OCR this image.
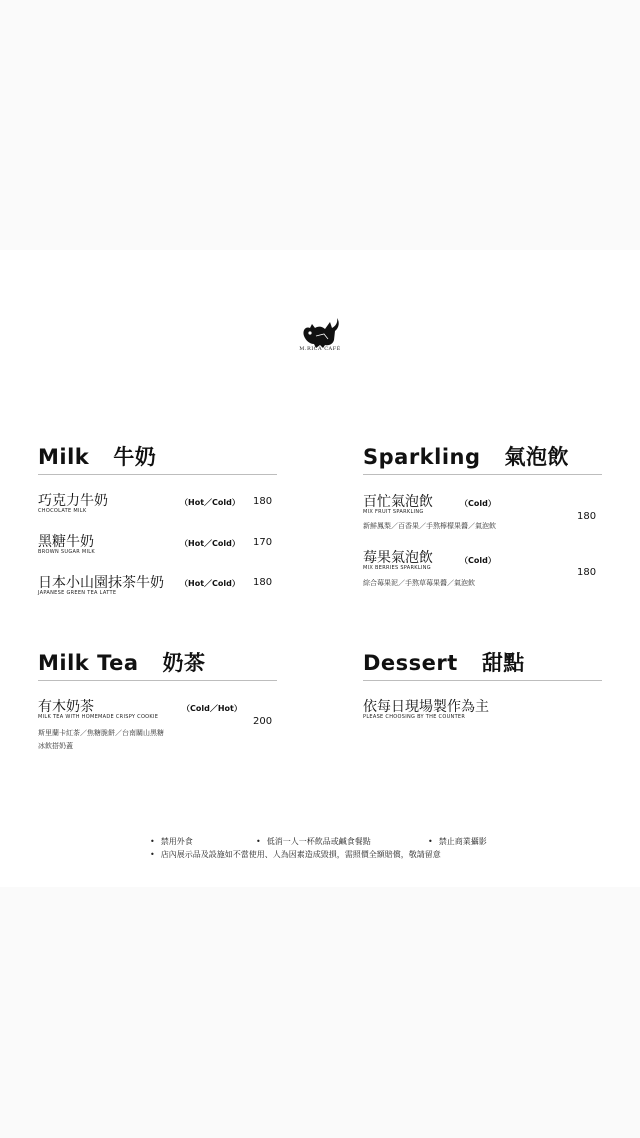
M.RICA CAFÉ
Milk 牛奶
巧克力牛奶
CHOCOLATE MILK
（Hot／Cold） 180
黑糖牛奶
BROWN SUGAR MILK
（Hot／Cold） 170
日本小山園抹茶牛奶
JAPANESE GREEN TEA LATTE
（Hot／Cold） 180
Sparkling 氣泡飲
百忙氣泡飲
MIX FRUIT SPARKLING
（Cold）
新鮮鳳梨／百香果／手熬檸檬果醬／氣泡飲
180
莓果氣泡飲
MIX BERRIES SPARKLING
（Cold）
綜合莓果泥／手熬草莓果醬／氣泡飲
180
Milk Tea 奶茶
有木奶茶
MILK TEA WITH HOMEMADE CRISPY COOKIE
（Cold／Hot）
斯里蘭卡紅茶／焦糖脆餅／台南關山黑糖
冰飲搭奶蓋
200
Dessert 甜點
依每日現場製作為主
PLEASE CHOOSING BY THE COUNTER
• 禁用外食	• 低消一人一杯飲品或鹹食餐點	• 禁止商業攝影
• 店內展示品及設施如不當使用、人為因素造成毀損，需照價全額賠償，敬請留意
